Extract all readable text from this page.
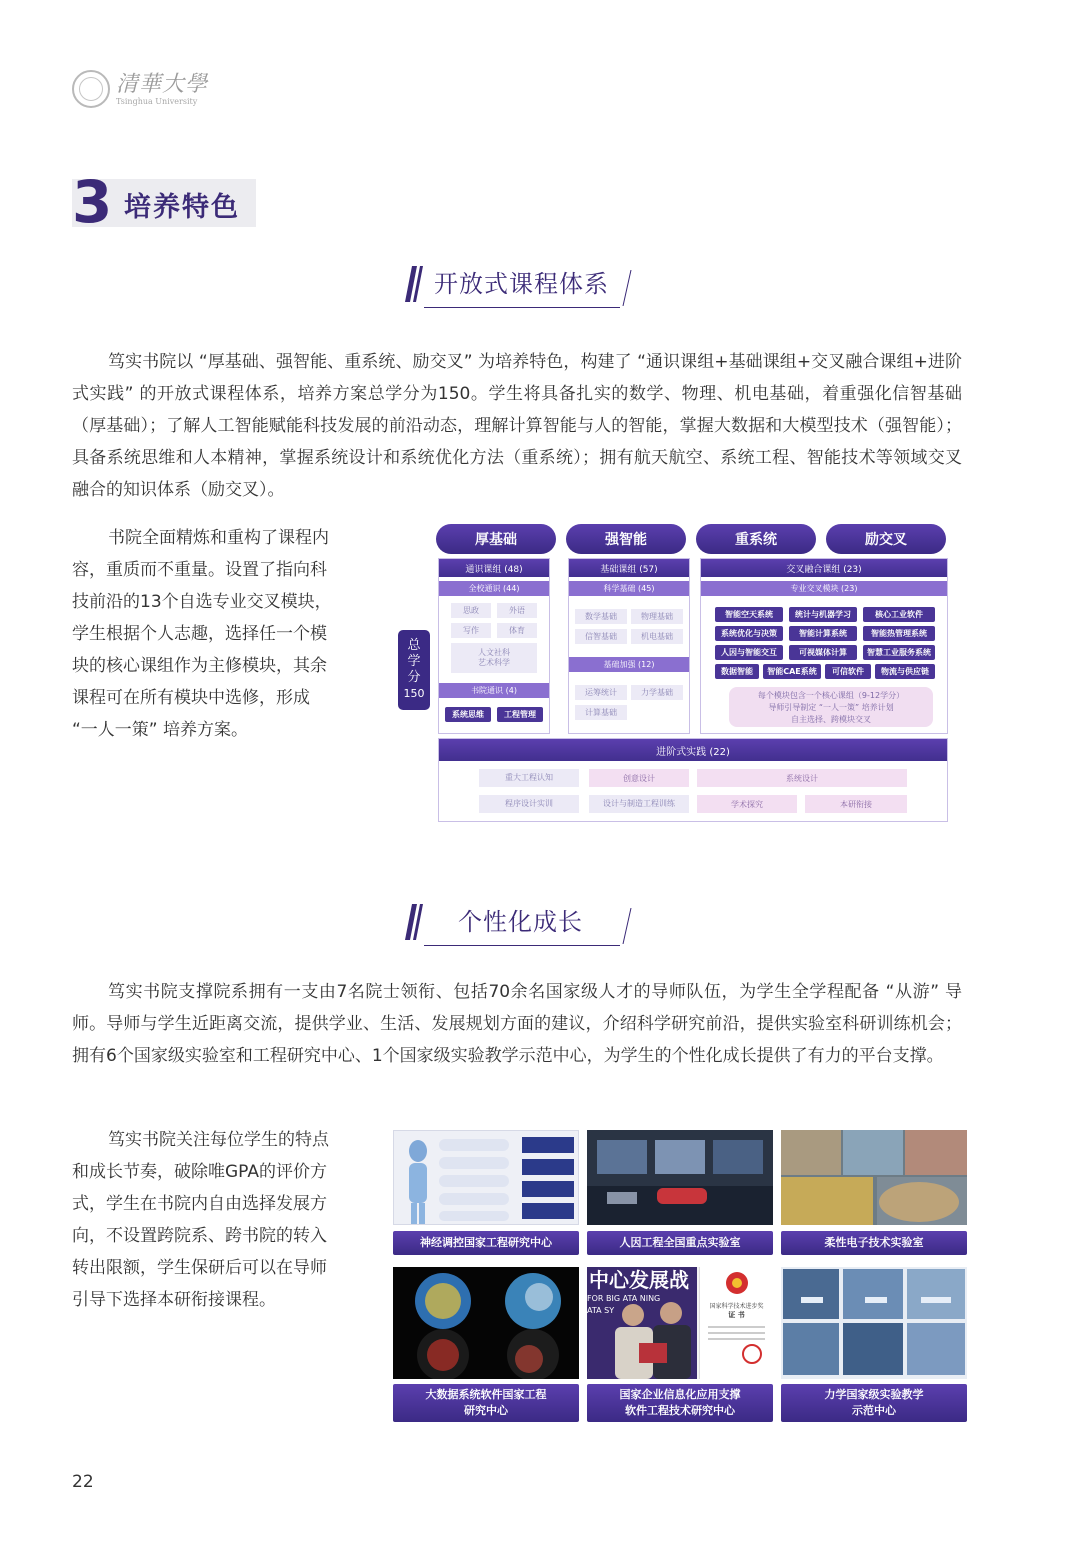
清華大學
Tsinghua University
3 培养特色
开放式课程体系
笃实书院以 “厚基础、强智能、重系统、励交叉” 为培养特色，构建了 “通识课组+基础课组+交叉融合课组+进阶式实践” 的开放式课程体系，培养方案总学分为150。学生将具备扎实的数学、物理、机电基础，着重强化信智基础（厚基础）；了解人工智能赋能科技发展的前沿动态，理解计算智能与人的智能，掌握大数据和大模型技术（强智能）；具备系统思维和人本精神，掌握系统设计和系统优化方法（重系统）；拥有航天航空、系统工程、智能技术等领域交叉融合的知识体系（励交叉）。
书院全面精炼和重构了课程内容，重质而不重量。设置了指向科技前沿的13个自选专业交叉模块，学生根据个人志趣，选择任一个模块的核心课组作为主修模块，其余课程可在所有模块中选修，形成 “一人一策” 培养方案。
厚基础	强智能	重系统	励交叉
总
学
分
150
通识课组 (48)
全校通识 (44)
思政	外语
写作	体育
人文社科
艺术科学
书院通识 (4)
系统思维	工程管理
基础课组 (57)
科学基础 (45)
数学基础	物理基础
信智基础	机电基础
基础加强 (12)
运筹统计	力学基础
计算基础
交叉融合课组 (23)
专业交叉模块 (23)
智能空天系统	统计与机器学习	核心工业软件
系统优化与决策	智能计算系统	智能热管理系统
人因与智能交互	可视媒体计算	智慧工业服务系统
数据智能	智能CAE系统	可信软件	物流与供应链
每个模块包含一个核心课组（9-12学分）
导师引导制定 “一人一策” 培养计划
自主选择、跨模块交叉
进阶式实践 (22)
重大工程认知	创意设计	系统设计
程序设计实训	设计与制造工程训练	学术探究	本研衔接
个性化成长
笃实书院支撑院系拥有一支由7名院士领衔、包括70余名国家级人才的导师队伍，为学生全学程配备 “从游” 导师。导师与学生近距离交流，提供学业、生活、发展规划方面的建议，介绍科学研究前沿，提供实验室科研训练机会；拥有6个国家级实验室和工程研究中心、1个国家级实验教学示范中心，为学生的个性化成长提供了有力的平台支撑。
笃实书院关注每位学生的特点和成长节奏，破除唯GPA的评价方式，学生在书院内自由选择发展方向，不设置跨院系、跨书院的转入转出限额，学生保研后可以在导师引导下选择本研衔接课程。
神经调控国家工程研究中心	人因工程全国重点实验室	柔性电子技术实验室
大数据系统软件国家工程
研究中心
中心发展战
FOR BIG ATA NING
ATA SY	国家科学技术进步奖
证 书
国家企业信息化应用支撑
软件工程技术研究中心
力学国家级实验教学
示范中心
22
